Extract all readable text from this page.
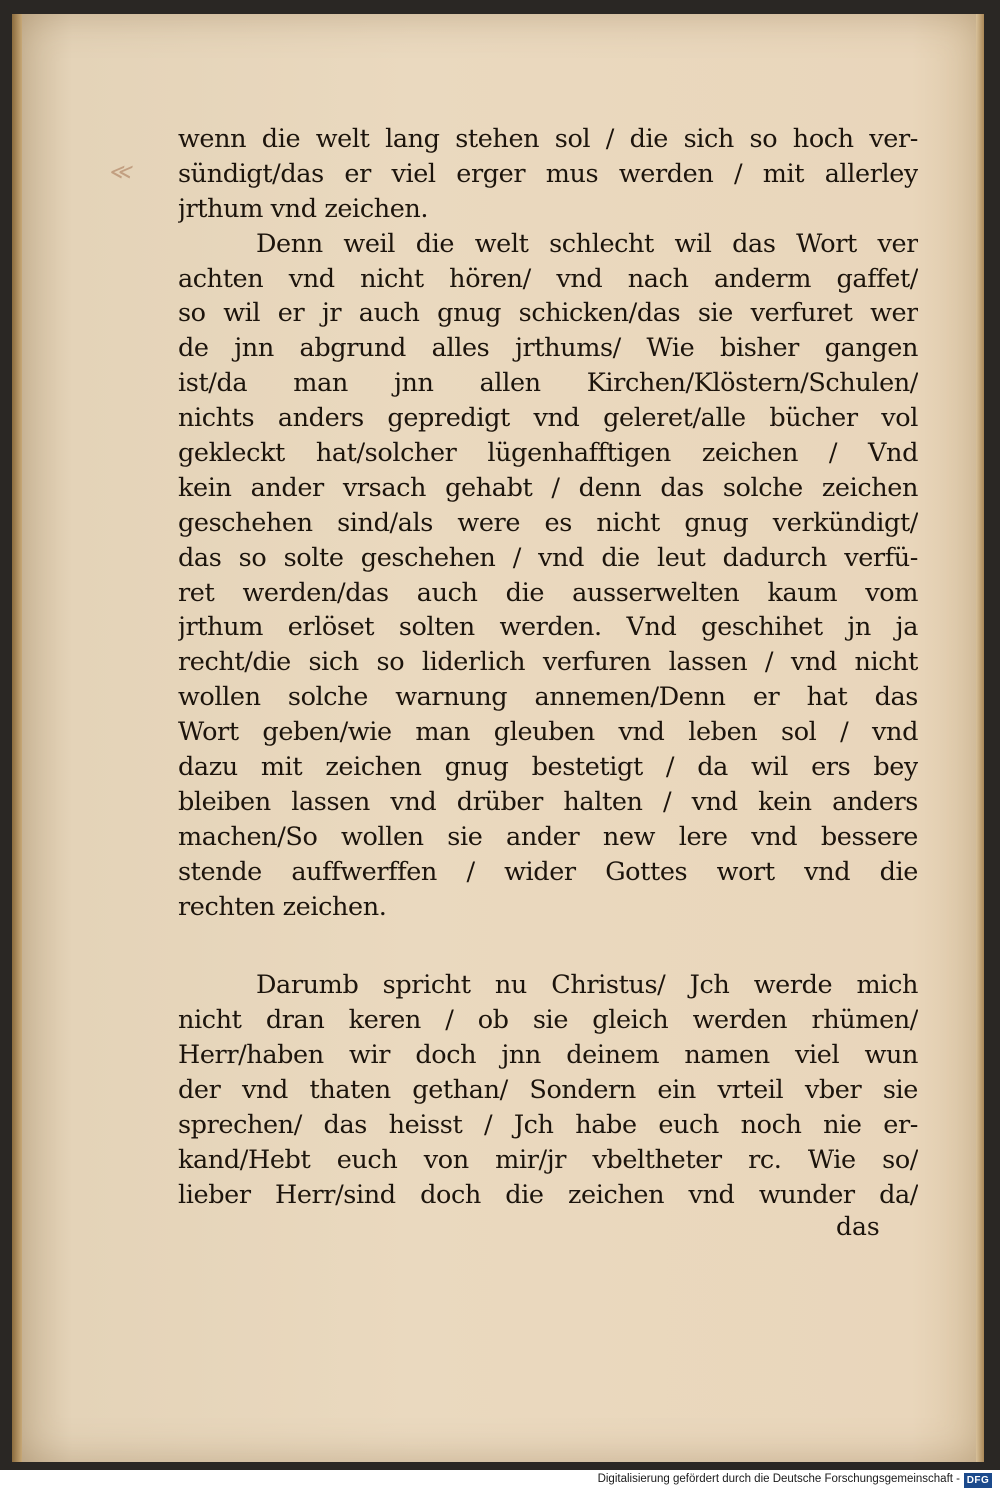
≪
wenn die welt lang stehen sol / die sich so hoch ver-
sündigt/das er viel erger mus werden / mit allerley
jrthum vnd zeichen.
Denn weil die welt schlecht wil das Wort ver
achten vnd nicht hören/ vnd nach anderm gaffet/
so wil er jr auch gnug schicken/das sie verfuret wer
de jnn abgrund alles jrthums/ Wie bisher gangen
ist/da man jnn allen Kirchen/Klöstern/Schulen/
nichts anders gepredigt vnd geleret/alle bücher vol
gekleckt hat/solcher lügenhafftigen zeichen / Vnd
kein ander vrsach gehabt / denn das solche zeichen
geschehen sind/als were es nicht gnug verkündigt/
das so solte geschehen / vnd die leut dadurch verfü-
ret werden/das auch die ausserwelten kaum vom
jrthum erlöset solten werden. Vnd geschihet jn ja
recht/die sich so liderlich verfuren lassen / vnd nicht
wollen solche warnung annemen/Denn er hat das
Wort geben/wie man gleuben vnd leben sol / vnd
dazu mit zeichen gnug bestetigt / da wil ers bey
bleiben lassen vnd drüber halten / vnd kein anders
machen/So wollen sie ander new lere vnd bessere
stende auffwerffen / wider Gottes wort vnd die
rechten zeichen.
Darumb spricht nu Christus/ Jch werde mich
nicht dran keren / ob sie gleich werden rhümen/
Herr/haben wir doch jnn deinem namen viel wun
der vnd thaten gethan/ Sondern ein vrteil vber sie
sprechen/ das heisst / Jch habe euch noch nie er-
kand/Hebt euch von mir/jr vbeltheter rc. Wie so/
lieber Herr/sind doch die zeichen vnd wunder da/
das
Digitalisierung gefördert durch die Deutsche Forschungsgemeinschaft - DFG
